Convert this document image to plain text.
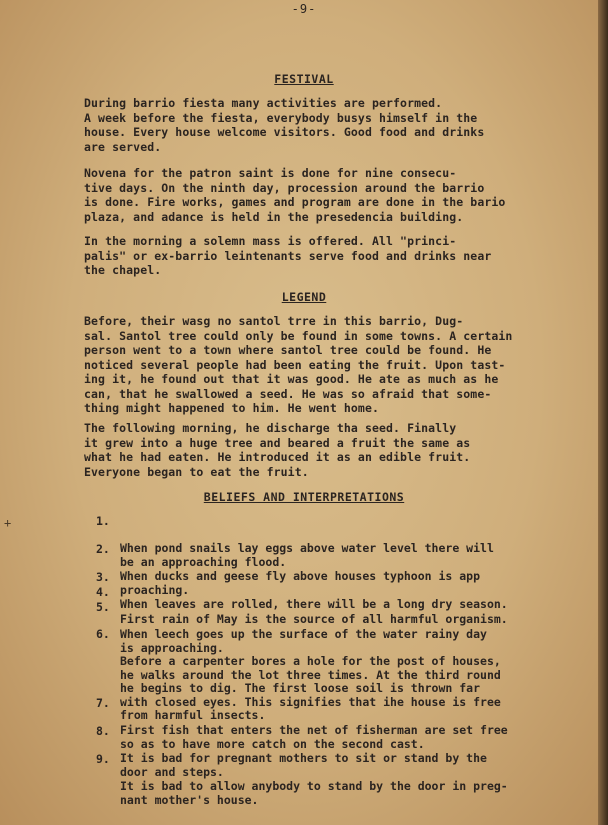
+
-9-
FESTIVAL

During barrio fiesta many activities are performed.
A week before the fiesta, everybody busys himself in the
house. Every house welcome visitors. Good food and drinks
are served.

Novena for the patron saint is done for nine consecu-
tive days. On the ninth day, procession around the barrio
is done. Fire works, games and program are done in the bario
plaza, and adance is held in the presedencia building.

In the morning a solemn mass is offered. All "princi-
palis" or ex-barrio leintenants serve food and drinks near
the chapel.

LEGEND

Before, their wasg no santol trre in this barrio, Dug-
sal. Santol tree could only be found in some towns. A certain
person went to a town where santol tree could be found. He
noticed several people had been eating the fruit. Upon tast-
ing it, he found out that it was good. He ate as much as he
can, that he swallowed a seed. He was so afraid that some-
thing might happened to him. He went home.

The following morning, he discharge tha seed. Finally
it grew into a huge tree and beared a fruit the same as
what he had eaten. He introduced it as an edible fruit.
Everyone began to eat the fruit.

BELIEFS AND INTERPRETATIONS

1.

When pond snails lay eggs above water level there will
be an approaching flood.

2.

When ducks and geese fly above houses typhoon is app
proaching.

3.

When leaves are rolled, there will be a long dry season.

4.

First rain of May is the source of all harmful organism.

5.

When leech goes up the surface of the water rainy day
is approaching.

6.

Before a carpenter bores a hole for the post of houses,
he walks around the lot three times. At the third round
he begins to dig. The first loose soil is thrown far
with closed eyes. This signifies that ihe house is free
from harmful insects.

7.

First fish that enters the net of fisherman are set free
so as to have more catch on the second cast.

8.

It is bad for pregnant mothers to sit or stand by the
door and steps.

9.

It is bad to allow anybody to stand by the door in preg-
nant mother's house.
